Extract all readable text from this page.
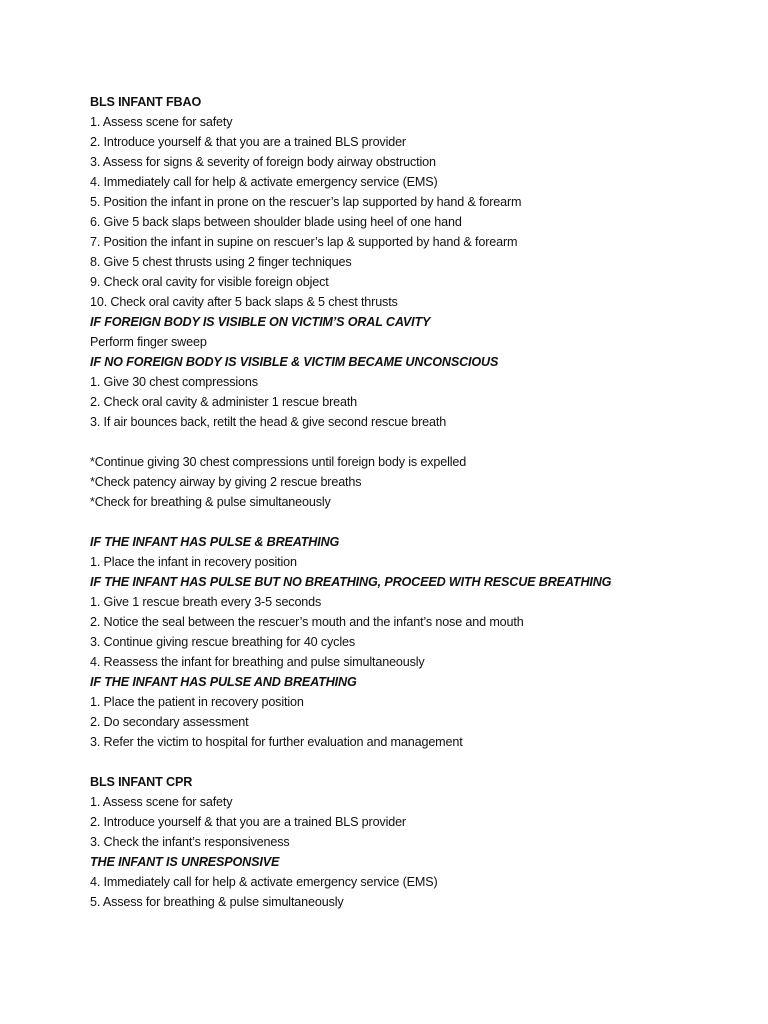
BLS INFANT FBAO
1. Assess scene for safety
2. Introduce yourself & that you are a trained BLS provider
3. Assess for signs & severity of foreign body airway obstruction
4. Immediately call for help & activate emergency service (EMS)
5. Position the infant in prone on the rescuer’s lap supported by hand & forearm
6. Give 5 back slaps between shoulder blade using heel of one hand
7. Position the infant in supine on rescuer’s lap & supported by hand & forearm
8. Give 5 chest thrusts using 2 finger techniques
9. Check oral cavity for visible foreign object
10. Check oral cavity after 5 back slaps & 5 chest thrusts
IF FOREIGN BODY IS VISIBLE ON VICTIM’S ORAL CAVITY
Perform finger sweep
IF NO FOREIGN BODY IS VISIBLE & VICTIM BECAME UNCONSCIOUS
1. Give 30 chest compressions
2. Check oral cavity & administer 1 rescue breath
3. If air bounces back, retilt the head & give second rescue breath
*Continue giving 30 chest compressions until foreign body is expelled
*Check patency airway by giving 2 rescue breaths
*Check for breathing & pulse simultaneously
IF THE INFANT HAS PULSE & BREATHING
1. Place the infant in recovery position
IF THE INFANT HAS PULSE BUT NO BREATHING, PROCEED WITH RESCUE BREATHING
1. Give 1 rescue breath every 3-5 seconds
2. Notice the seal between the rescuer’s mouth and the infant’s nose and mouth
3. Continue giving rescue breathing for 40 cycles
4. Reassess the infant for breathing and pulse simultaneously
IF THE INFANT HAS PULSE AND BREATHING
1. Place the patient in recovery position
2. Do secondary assessment
3. Refer the victim to hospital for further evaluation and management
BLS INFANT CPR
1. Assess scene for safety
2. Introduce yourself & that you are a trained BLS provider
3. Check the infant’s responsiveness
THE INFANT IS UNRESPONSIVE
4. Immediately call for help & activate emergency service (EMS)
5. Assess for breathing & pulse simultaneously
